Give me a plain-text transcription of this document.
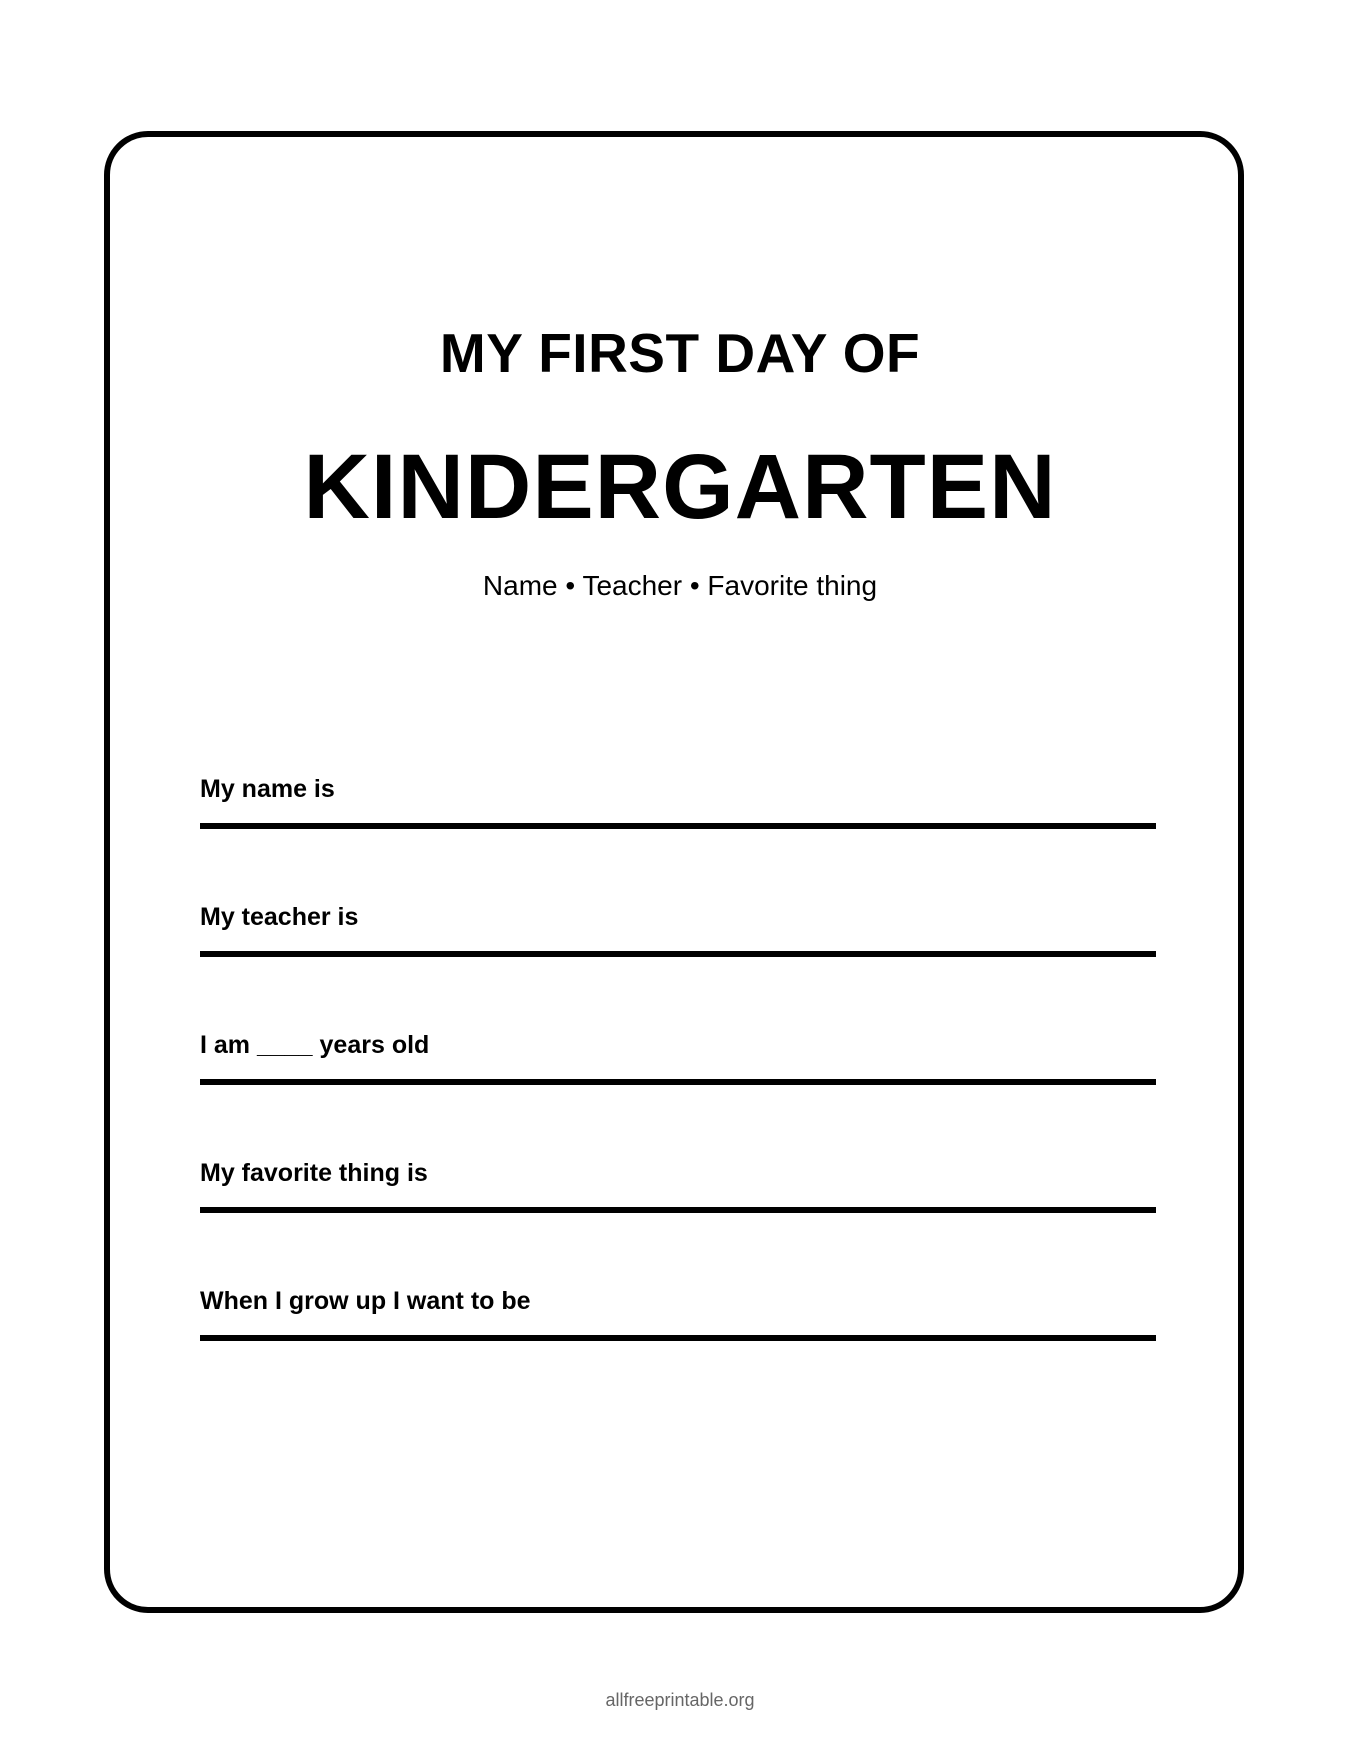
MY FIRST DAY OF
KINDERGARTEN
Name • Teacher • Favorite thing
My name is
My teacher is
I am ____ years old
My favorite thing is
When I grow up I want to be
allfreeprintable.org
